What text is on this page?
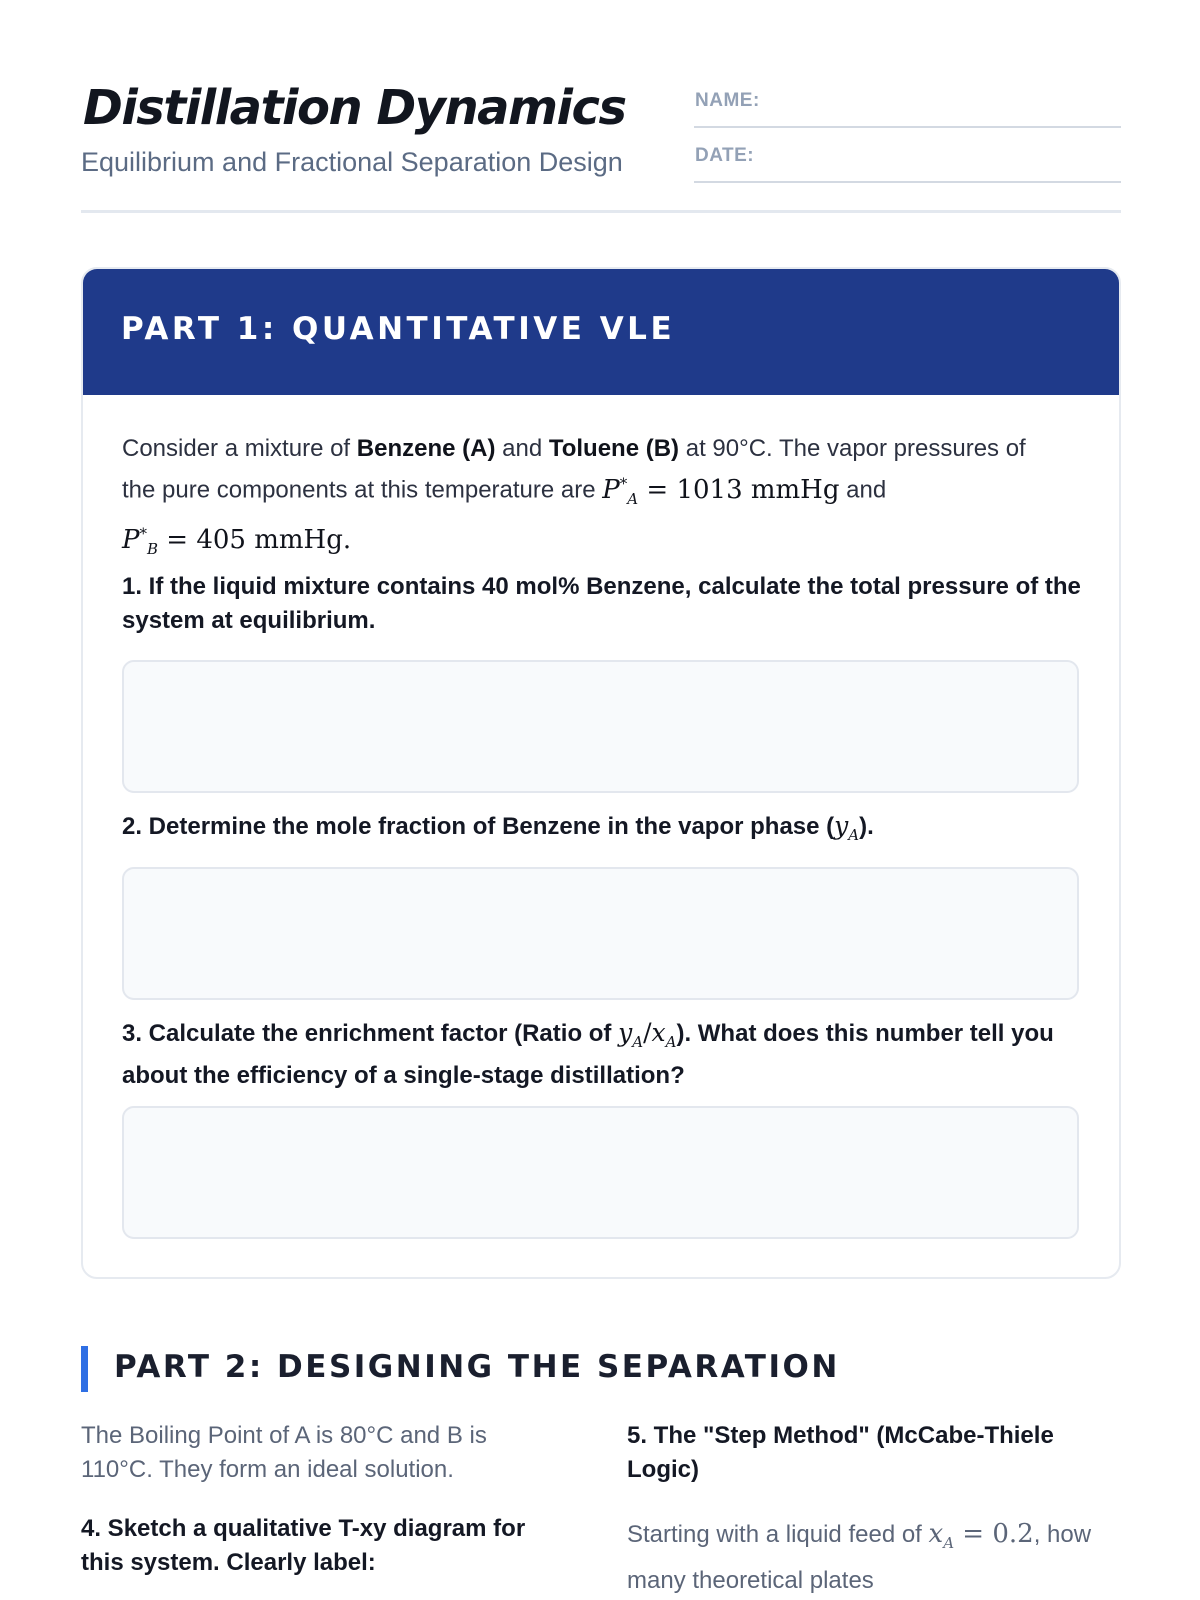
Distillation Dynamics
Equilibrium and Fractional Separation Design
NAME:
DATE:
PART 1: QUANTITATIVE VLE

Consider a mixture of Benzene (A) and Toluene (B) at 90°C. The vapor pressures of the pure components at this temperature are $P^*_A = 1013$ mmHg and $P^*_B = 405$ mmHg.

1. If the liquid mixture contains 40 mol% Benzene, calculate the total pressure of the system at equilibrium.

2. Determine the mole fraction of Benzene in the vapor phase $(y_A)$.

3. Calculate the enrichment factor (Ratio of $y_A/x_A$). What does this number tell you about the efficiency of a single-stage distillation?

PART 2: DESIGNING THE SEPARATION

The Boiling Point of A is 80°C and B is 110°C. They form an ideal solution.

4. Sketch a qualitative T-xy diagram for this system. Clearly label:

5. The "Step Method" (McCabe-Thiele Logic)

Starting with a liquid feed of $x_A = 0.2$, how many theoretical plates
